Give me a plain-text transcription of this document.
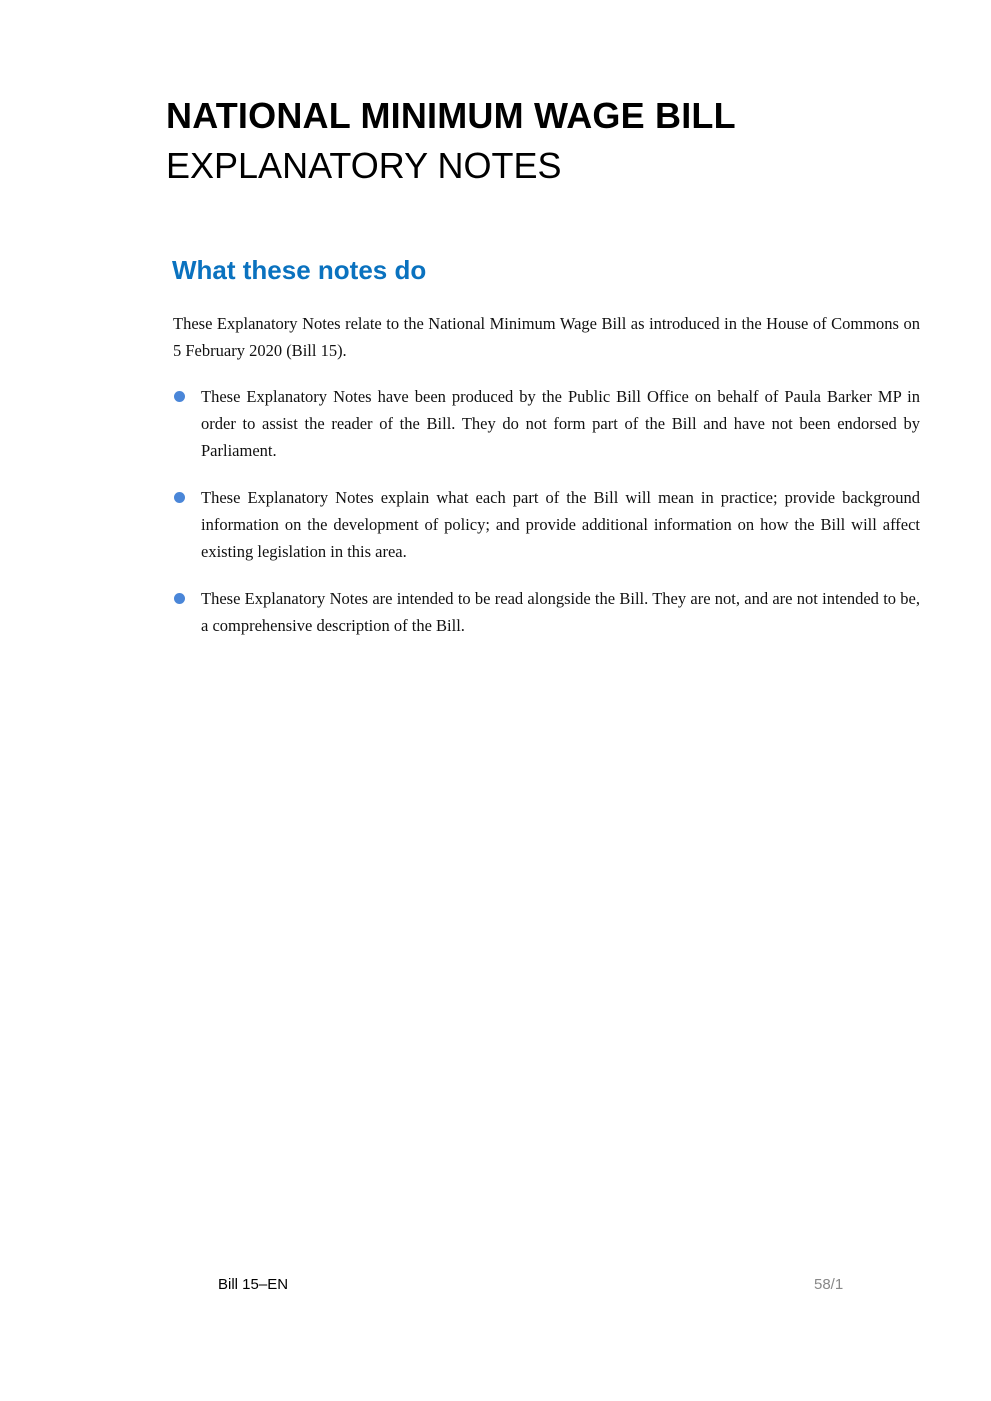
NATIONAL MINIMUM WAGE BILL
EXPLANATORY NOTES
What these notes do

These Explanatory Notes relate to the National Minimum Wage Bill as introduced in the House of Commons on 5 February 2020 (Bill 15).

These Explanatory Notes have been produced by the Public Bill Office on behalf of Paula Barker MP in order to assist the reader of the Bill. They do not form part of the Bill and have not been endorsed by Parliament.
These Explanatory Notes explain what each part of the Bill will mean in practice; provide background information on the development of policy; and provide additional information on how the Bill will affect existing legislation in this area.
These Explanatory Notes are intended to be read alongside the Bill. They are not, and are not intended to be, a comprehensive description of the Bill.
Bill 15–EN	58/1
